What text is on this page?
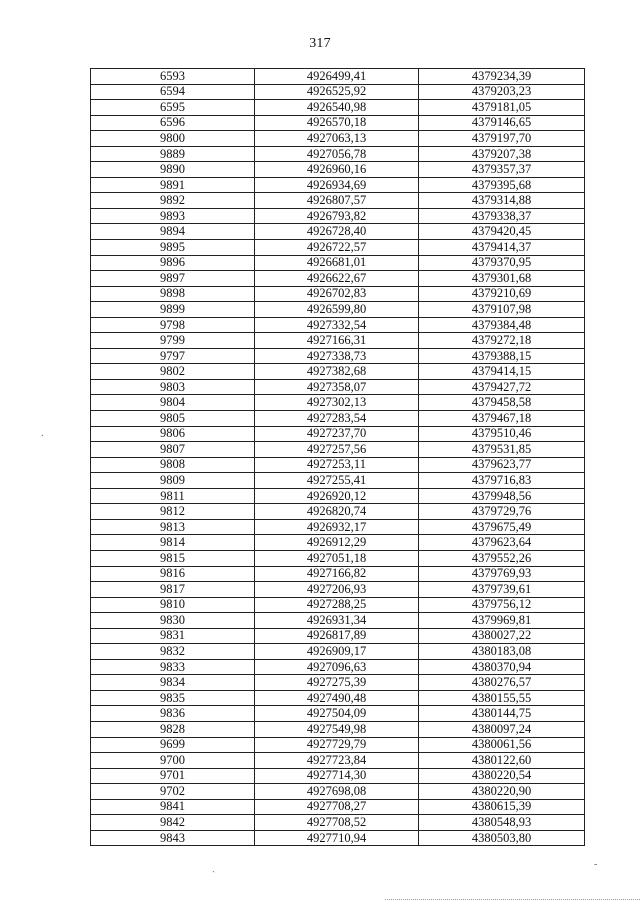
317
6593	4926499,41	4379234,39
6594	4926525,92	4379203,23
6595	4926540,98	4379181,05
6596	4926570,18	4379146,65
9800	4927063,13	4379197,70
9889	4927056,78	4379207,38
9890	4926960,16	4379357,37
9891	4926934,69	4379395,68
9892	4926807,57	4379314,88
9893	4926793,82	4379338,37
9894	4926728,40	4379420,45
9895	4926722,57	4379414,37
9896	4926681,01	4379370,95
9897	4926622,67	4379301,68
9898	4926702,83	4379210,69
9899	4926599,80	4379107,98
9798	4927332,54	4379384,48
9799	4927166,31	4379272,18
9797	4927338,73	4379388,15
9802	4927382,68	4379414,15
9803	4927358,07	4379427,72
9804	4927302,13	4379458,58
9805	4927283,54	4379467,18
9806	4927237,70	4379510,46
9807	4927257,56	4379531,85
9808	4927253,11	4379623,77
9809	4927255,41	4379716,83
9811	4926920,12	4379948,56
9812	4926820,74	4379729,76
9813	4926932,17	4379675,49
9814	4926912,29	4379623,64
9815	4927051,18	4379552,26
9816	4927166,82	4379769,93
9817	4927206,93	4379739,61
9810	4927288,25	4379756,12
9830	4926931,34	4379969,81
9831	4926817,89	4380027,22
9832	4926909,17	4380183,08
9833	4927096,63	4380370,94
9834	4927275,39	4380276,57
9835	4927490,48	4380155,55
9836	4927504,09	4380144,75
9828	4927549,98	4380097,24
9699	4927729,79	4380061,56
9700	4927723,84	4380122,60
9701	4927714,30	4380220,54
9702	4927698,08	4380220,90
9841	4927708,27	4380615,39
9842	4927708,52	4380548,93
9843	4927710,94	4380503,80
.
ˎ	-
